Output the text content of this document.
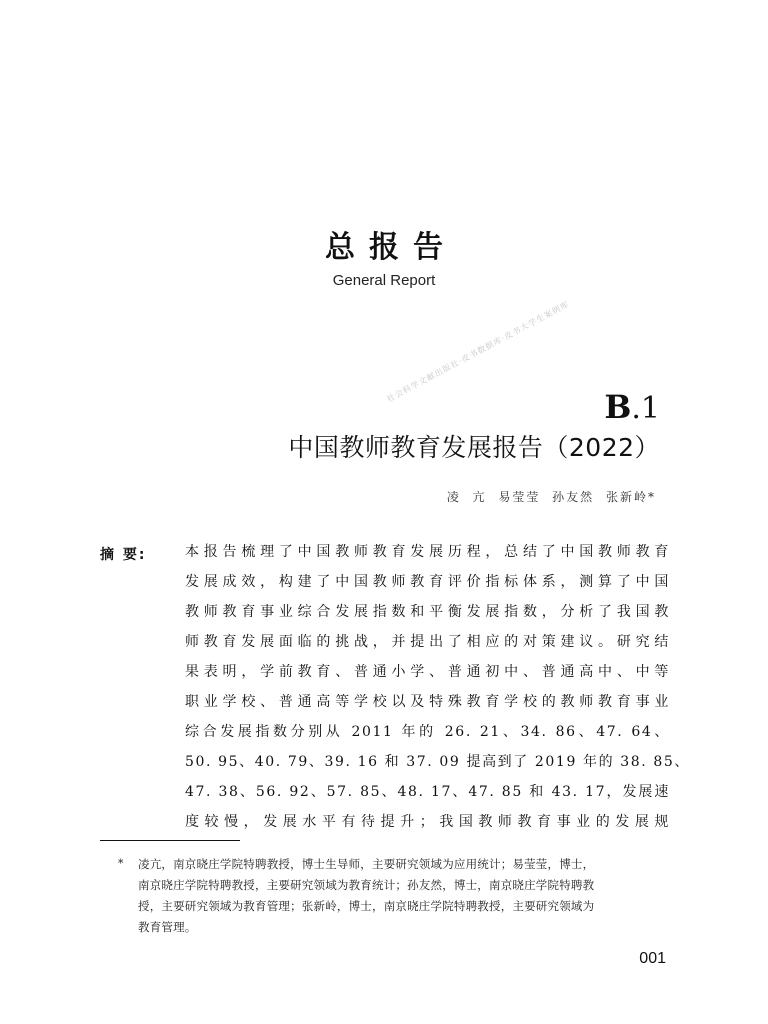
总报告
General Report
社会科学文献出版社·皮书数据库·皮书大学生案例库
B.1
中国教师教育发展报告（2022）
凌 亢 易莹莹 孙友然 张新岭*
摘 要:	本报告梳理了中国教师教育发展历程，总结了中国教师教育
发展成效，构建了中国教师教育评价指标体系，测算了中国
教师教育事业综合发展指数和平衡发展指数，分析了我国教
师教育发展面临的挑战，并提出了相应的对策建议。研究结
果表明，学前教育、普通小学、普通初中、普通高中、中等
职业学校、普通高等学校以及特殊教育学校的教师教育事业
综合发展指数分别从 2011 年的 26. 21、34. 86、47. 64、
50. 95、40. 79、39. 16 和 37. 09 提高到了 2019 年的 38. 85、
47. 38、56. 92、57. 85、48. 17、47. 85 和 43. 17，发展速
度较慢，发展水平有待提升；我国教师教育事业的发展规
* 凌亢，南京晓庄学院特聘教授，博士生导师，主要研究领域为应用统计；易莹莹，博士，
南京晓庄学院特聘教授，主要研究领域为教育统计；孙友然，博士，南京晓庄学院特聘教
授，主要研究领域为教育管理；张新岭，博士，南京晓庄学院特聘教授，主要研究领域为
教育管理。
001
